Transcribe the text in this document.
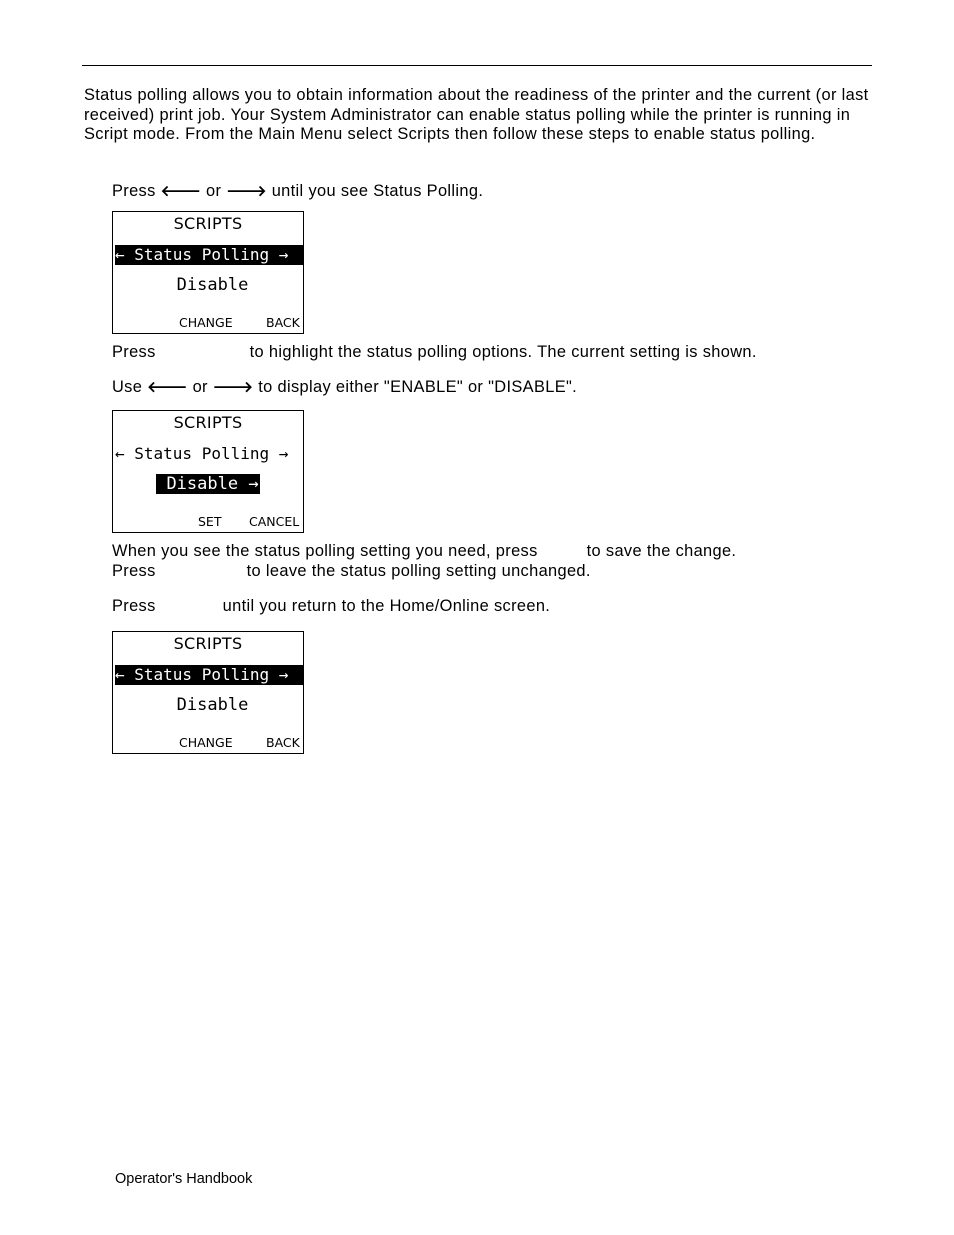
Status polling allows you to obtain information about the readiness of the printer and the current (or last received) print job. Your System Administrator can enable status polling while the printer is running in Script mode. From the Main Menu select Scripts then follow these steps to enable status polling.

Press 🡐 or 🡒 until you see Status Polling.

SCRIPTS
← Status Polling →
Disable
CHANGE	BACK

Press	to highlight the status polling options. The current setting is shown.

Use 🡐 or 🡒 to display either "ENABLE" or "DISABLE".

SCRIPTS
← Status Polling →
Disable →
SET CANCEL

When you see the status polling setting you need, press	to save the change.

Press	to leave the status polling setting unchanged.

Press	until you return to the Home/Online screen.

SCRIPTS
← Status Polling →
Disable
CHANGE	BACK

Operator's Handbook
